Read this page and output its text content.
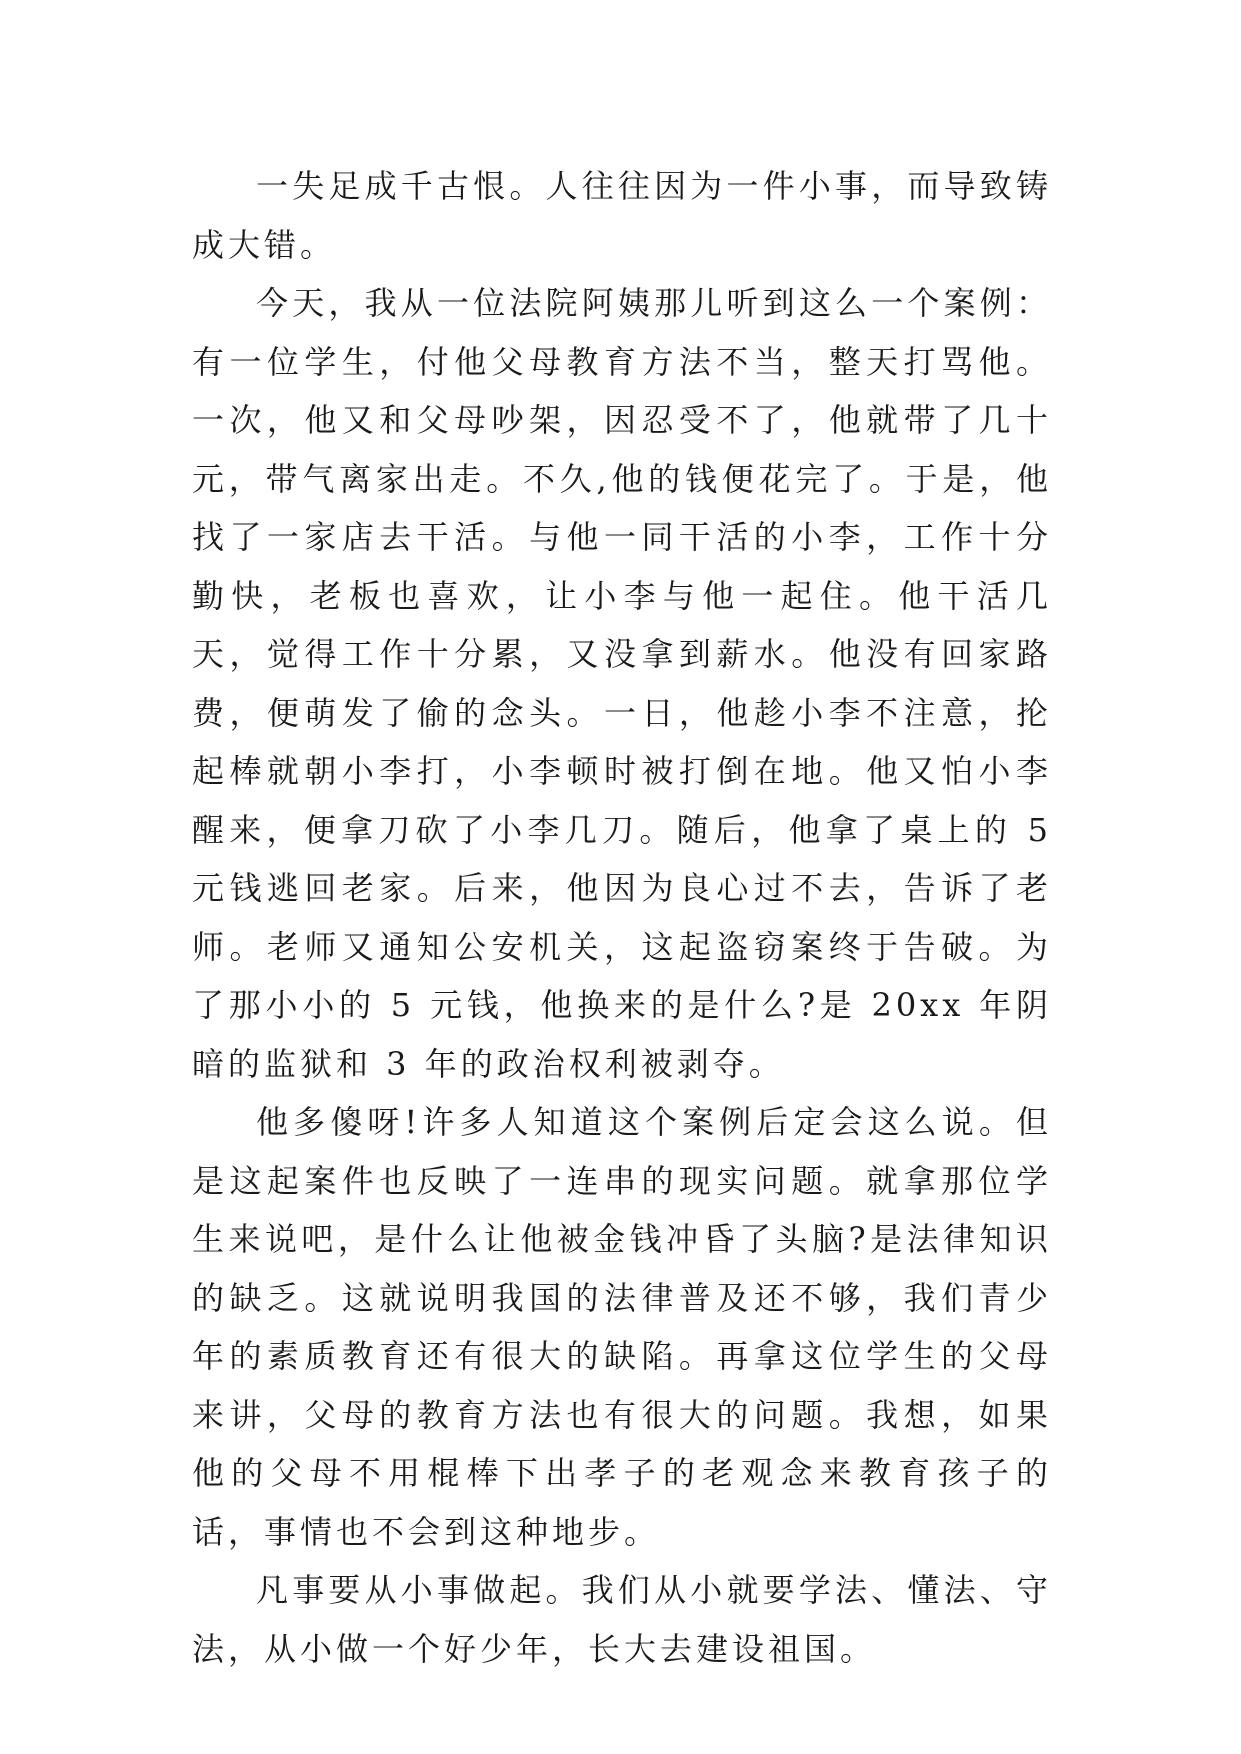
一失足成千古恨。人往往因为一件小事，而导致铸成大错。

今天，我从一位法院阿姨那儿听到这么一个案例：有一位学生，付他父母教育方法不当，整天打骂他。一次，他又和父母吵架，因忍受不了，他就带了几十元，带气离家出走。不久,他的钱便花完了。于是，他找了一家店去干活。与他一同干活的小李，工作十分勤快，老板也喜欢，让小李与他一起住。他干活几天，觉得工作十分累，又没拿到薪水。他没有回家路费，便萌发了偷的念头。一日，他趁小李不注意，抡起棒就朝小李打，小李顿时被打倒在地。他又怕小李醒来，便拿刀砍了小李几刀。随后，他拿了桌上的 5 元钱逃回老家。后来，他因为良心过不去，告诉了老师。老师又通知公安机关，这起盗窃案终于告破。为了那小小的 5 元钱，他换来的是什么?是 20xx 年阴暗的监狱和 3 年的政治权利被剥夺。

他多傻呀!许多人知道这个案例后定会这么说。但是这起案件也反映了一连串的现实问题。就拿那位学生来说吧，是什么让他被金钱冲昏了头脑?是法律知识的缺乏。这就说明我国的法律普及还不够，我们青少年的素质教育还有很大的缺陷。再拿这位学生的父母来讲，父母的教育方法也有很大的问题。我想，如果他的父母不用棍棒下出孝子的老观念来教育孩子的话，事情也不会到这种地步。

凡事要从小事做起。我们从小就要学法、懂法、守法，从小做一个好少年，长大去建设祖国。
